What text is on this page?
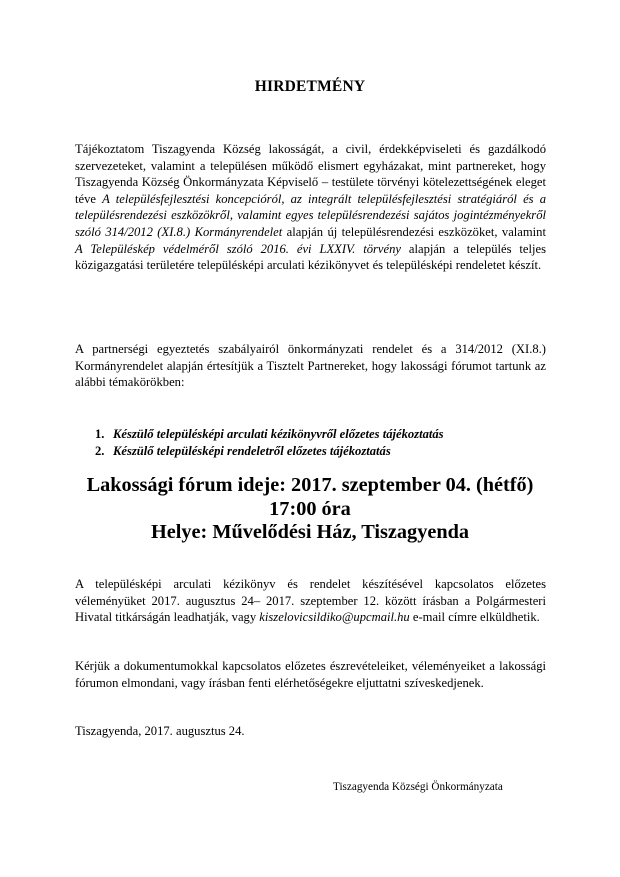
HIRDETMÉNY
Tájékoztatom Tiszagyenda Község lakosságát, a civil, érdekképviseleti és gazdálkodó szervezeteket, valamint a településen működő elismert egyházakat, mint partnereket, hogy Tiszagyenda Község Önkormányzata Képviselő – testülete törvényi kötelezettségének eleget téve A településfejlesztési koncepcióról, az integrált településfejlesztési stratégiáról és a településrendezési eszközökről, valamint egyes településrendezési sajátos jogintézményekről szóló 314/2012 (XI.8.) Kormányrendelet alapján új településrendezési eszközöket, valamint A Településkép védelméről szóló 2016. évi LXXIV. törvény alapján a település teljes közigazgatási területére településképi arculati kézikönyvet és településképi rendeletet készít.
A partnerségi egyeztetés szabályairól önkormányzati rendelet és a 314/2012 (XI.8.) Kormányrendelet alapján értesítjük a Tisztelt Partnereket, hogy lakossági fórumot tartunk az alábbi témakörökben:
1. Készülő településképi arculati kézikönyvről előzetes tájékoztatás
2. Készülő településképi rendeletről előzetes tájékoztatás
Lakossági fórum ideje: 2017. szeptember 04. (hétfő)
17:00 óra
Helye: Művelődési Ház, Tiszagyenda
A településképi arculati kézikönyv és rendelet készítésével kapcsolatos előzetes véleményüket 2017. augusztus 24– 2017. szeptember 12. között írásban a Polgármesteri Hivatal titkárságán leadhatják, vagy kiszelovicsildiko@upcmail.hu e-mail címre elküldhetik.
Kérjük a dokumentumokkal kapcsolatos előzetes észrevételeiket, véleményeiket a lakossági fórumon elmondani, vagy írásban fenti elérhetőségekre eljuttatni szíveskedjenek.
Tiszagyenda, 2017. augusztus 24.
Tiszagyenda Községi Önkormányzata
